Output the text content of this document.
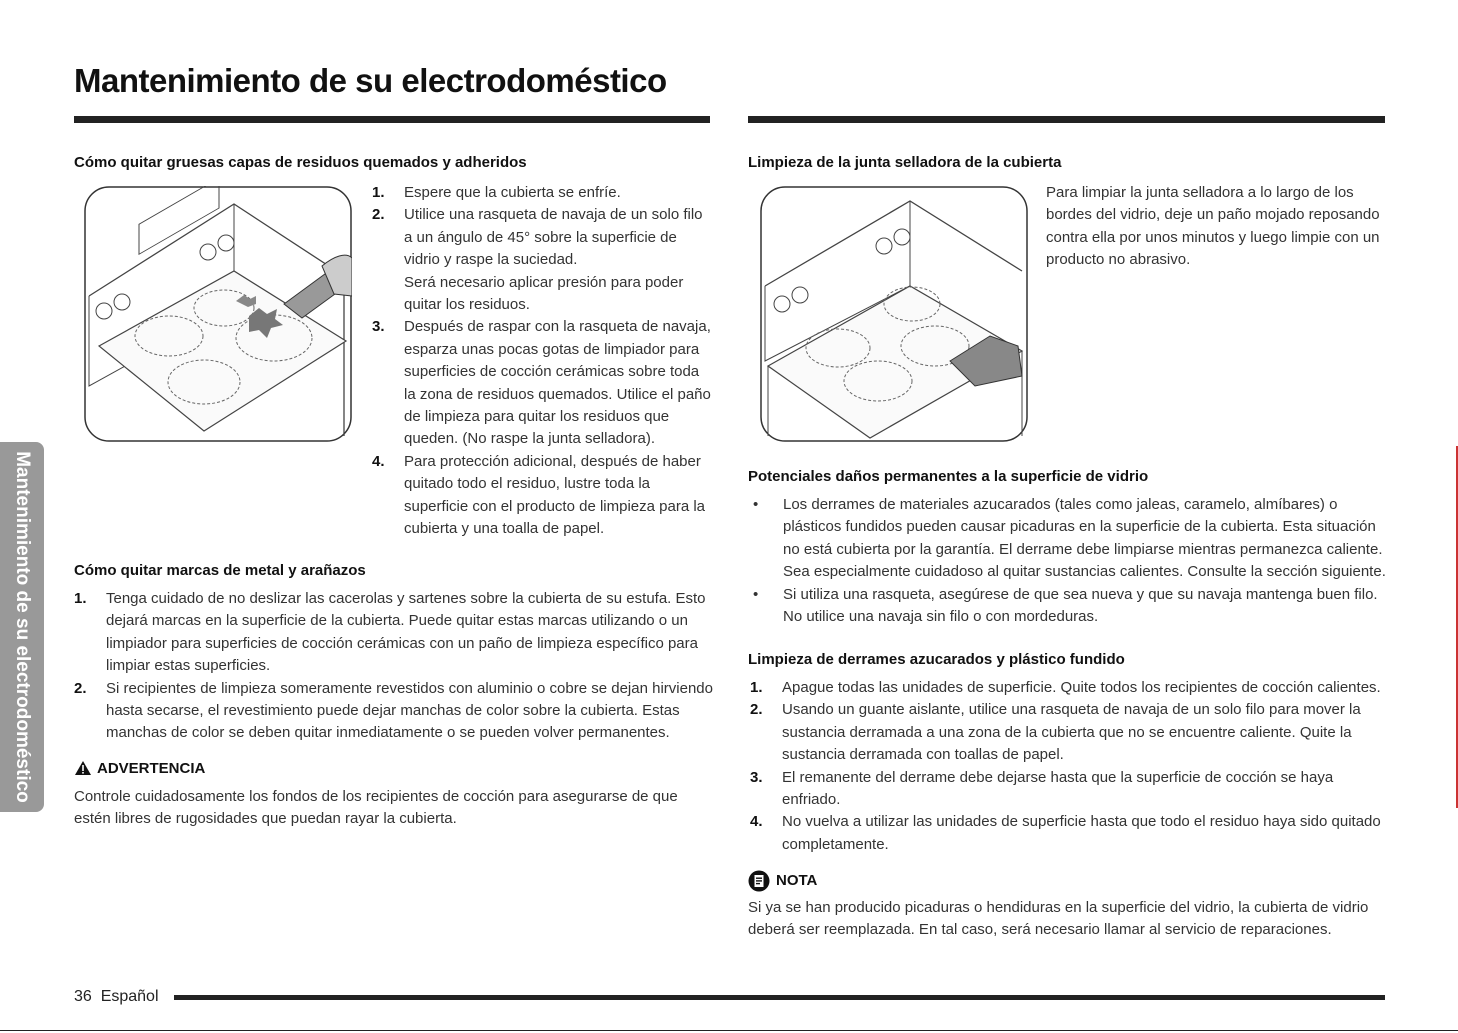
Mantenimiento de su electrodoméstico
Mantenimiento de su electrodoméstico
Cómo quitar gruesas capas de residuos quemados y adheridos
1. Espere que la cubierta se enfríe.
2. Utilice una rasqueta de navaja de un solo filo a un ángulo de 45° sobre la superficie de vidrio y raspe la suciedad.
Será necesario aplicar presión para poder quitar los residuos.
3. Después de raspar con la rasqueta de navaja, esparza unas pocas gotas de limpiador para superficies de cocción cerámicas sobre toda la zona de residuos quemados. Utilice el paño de limpieza para quitar los residuos que queden. (No raspe la junta selladora).
4. Para protección adicional, después de haber quitado todo el residuo, lustre toda la superficie con el producto de limpieza para la cubierta y una toalla de papel.
Cómo quitar marcas de metal y arañazos
1. Tenga cuidado de no deslizar las cacerolas y sartenes sobre la cubierta de su estufa. Esto dejará marcas en la superficie de la cubierta. Puede quitar estas marcas utilizando o un limpiador para superficies de cocción cerámicas con un paño de limpieza específico para limpiar estas superficies.
2. Si recipientes de limpieza someramente revestidos con aluminio o cobre se dejan hirviendo hasta secarse, el revestimiento puede dejar manchas de color sobre la cubierta. Estas manchas de color se deben quitar inmediatamente o se pueden volver permanentes.
ADVERTENCIA
Controle cuidadosamente los fondos de los recipientes de cocción para asegurarse de que estén libres de rugosidades que puedan rayar la cubierta.
Limpieza de la junta selladora de la cubierta
Para limpiar la junta selladora a lo largo de los bordes del vidrio, deje un paño mojado reposando contra ella por unos minutos y luego limpie con un producto no abrasivo.
Potenciales daños permanentes a la superficie de vidrio
• Los derrames de materiales azucarados (tales como jaleas, caramelo, almíbares) o plásticos fundidos pueden causar picaduras en la superficie de la cubierta. Esta situación no está cubierta por la garantía. El derrame debe limpiarse mientras permanezca caliente. Sea especialmente cuidadoso al quitar sustancias calientes. Consulte la sección siguiente.
• Si utiliza una rasqueta, asegúrese de que sea nueva y que su navaja mantenga buen filo. No utilice una navaja sin filo o con mordeduras.
Limpieza de derrames azucarados y plástico fundido
1. Apague todas las unidades de superficie. Quite todos los recipientes de cocción calientes.
2. Usando un guante aislante, utilice una rasqueta de navaja de un solo filo para mover la sustancia derramada a una zona de la cubierta que no se encuentre caliente. Quite la sustancia derramada con toallas de papel.
3. El remanente del derrame debe dejarse hasta que la superficie de cocción se haya enfriado.
4. No vuelva a utilizar las unidades de superficie hasta que todo el residuo haya sido quitado completamente.
NOTA
Si ya se han producido picaduras o hendiduras en la superficie del vidrio, la cubierta de vidrio deberá ser reemplazada. En tal caso, será necesario llamar al servicio de reparaciones.
36 Español
